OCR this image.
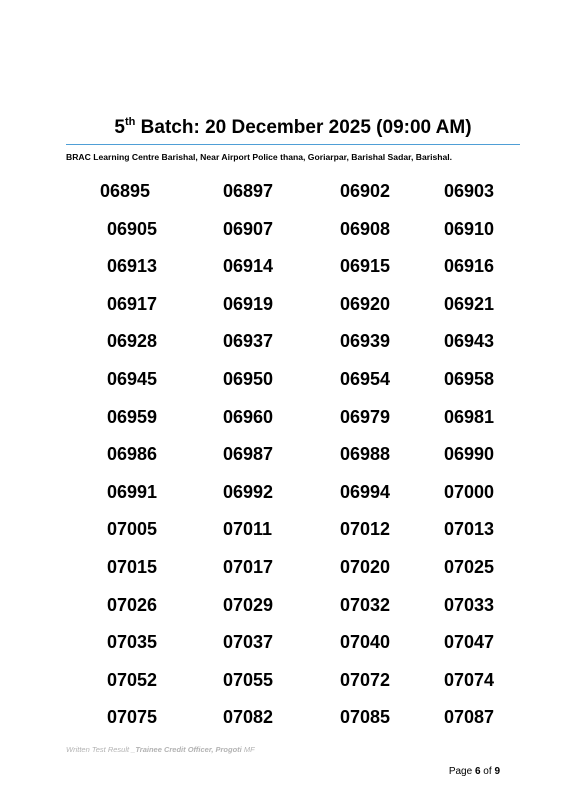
5th Batch: 20 December 2025 (09:00 AM)
BRAC Learning Centre Barishal, Near Airport Police thana, Goriarpar, Barishal Sadar, Barishal.
06895	06897	06902	06903
06905	06907	06908	06910
06913	06914	06915	06916
06917	06919	06920	06921
06928	06937	06939	06943
06945	06950	06954	06958
06959	06960	06979	06981
06986	06987	06988	06990
06991	06992	06994	07000
07005	07011	07012	07013
07015	07017	07020	07025
07026	07029	07032	07033
07035	07037	07040	07047
07052	07055	07072	07074
07075	07082	07085	07087
Written Test Result _Trainee Credit Officer, Progoti MF
Page 6 of 9
